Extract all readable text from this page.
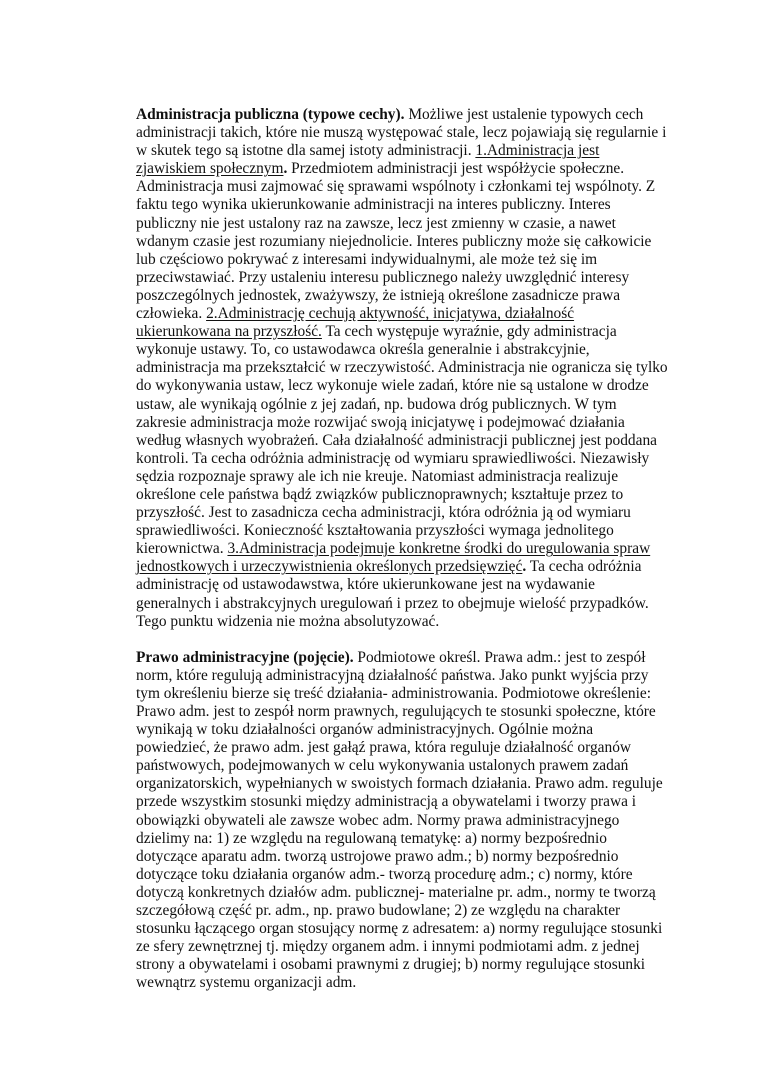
Administracja publiczna (typowe cechy). Możliwe jest ustalenie typowych cech administracji takich, które nie muszą występować stale, lecz pojawiają się regularnie i w skutek tego są istotne dla samej istoty administracji. 1.Administracja jest zjawiskiem społecznym. Przedmiotem administracji jest współżycie społeczne. Administracja musi zajmować się sprawami wspólnoty i członkami tej wspólnoty. Z faktu tego wynika ukierunkowanie administracji na interes publiczny. Interes publiczny nie jest ustalony raz na zawsze, lecz jest zmienny w czasie, a nawet wdanym czasie jest rozumiany niejednolicie. Interes publiczny może się całkowicie lub częściowo pokrywać z interesami indywidualnymi, ale może też się im przeciwstawiać. Przy ustaleniu interesu publicznego należy uwzględnić interesy poszczególnych jednostek, zważywszy, że istnieją określone zasadnicze prawa człowieka. 2.Administrację cechują aktywność, inicjatywa, działalność ukierunkowana na przyszłość. Ta cech występuje wyraźnie, gdy administracja wykonuje ustawy. To, co ustawodawca określa generalnie i abstrakcyjnie, administracja ma przekształcić w rzeczywistość. Administracja nie ogranicza się tylko do wykonywania ustaw, lecz wykonuje wiele zadań, które nie są ustalone w drodze ustaw, ale wynikają ogólnie z jej zadań, np. budowa dróg publicznych. W tym zakresie administracja może rozwijać swoją inicjatywę i podejmować działania według własnych wyobrażeń. Cała działalność administracji publicznej jest poddana kontroli. Ta cecha odróżnia administrację od wymiaru sprawiedliwości. Niezawisły sędzia rozpoznaje sprawy ale ich nie kreuje. Natomiast administracja realizuje określone cele państwa bądź związków publicznoprawnych; kształtuje przez to przyszłość. Jest to zasadnicza cecha administracji, która odróżnia ją od wymiaru sprawiedliwości. Konieczność kształtowania przyszłości wymaga jednolitego kierownictwa. 3.Administracja podejmuje konkretne środki do uregulowania spraw jednostkowych i urzeczywistnienia określonych przedsięwzięć. Ta cecha odróżnia administrację od ustawodawstwa, które ukierunkowane jest na wydawanie generalnych i abstrakcyjnych uregulowań i przez to obejmuje wielość przypadków. Tego punktu widzenia nie można absolutyzować.

Prawo administracyjne (pojęcie). Podmiotowe określ. Prawa adm.: jest to zespół norm, które regulują administracyjną działalność państwa. Jako punkt wyjścia przy tym określeniu bierze się treść działania- administrowania. Podmiotowe określenie: Prawo adm. jest to zespół norm prawnych, regulujących te stosunki społeczne, które wynikają w toku działalności organów administracyjnych. Ogólnie można powiedzieć, że prawo adm. jest gałąź prawa, która reguluje działalność organów państwowych, podejmowanych w celu wykonywania ustalonych prawem zadań organizatorskich, wypełnianych w swoistych formach działania. Prawo adm. reguluje przede wszystkim stosunki między administracją a obywatelami i tworzy prawa i obowiązki obywateli ale zawsze wobec adm. Normy prawa administracyjnego dzielimy na: 1) ze względu na regulowaną tematykę: a) normy bezpośrednio dotyczące aparatu adm. tworzą ustrojowe prawo adm.; b) normy bezpośrednio dotyczące toku działania organów adm.- tworzą procedurę adm.; c) normy, które dotyczą konkretnych działów adm. publicznej- materialne pr. adm., normy te tworzą szczegółową część pr. adm., np. prawo budowlane; 2) ze względu na charakter stosunku łączącego organ stosujący normę z adresatem: a) normy regulujące stosunki ze sfery zewnętrznej tj. między organem adm. i innymi podmiotami adm. z jednej strony a obywatelami i osobami prawnymi z drugiej; b) normy regulujące stosunki wewnątrz systemu organizacji adm.
